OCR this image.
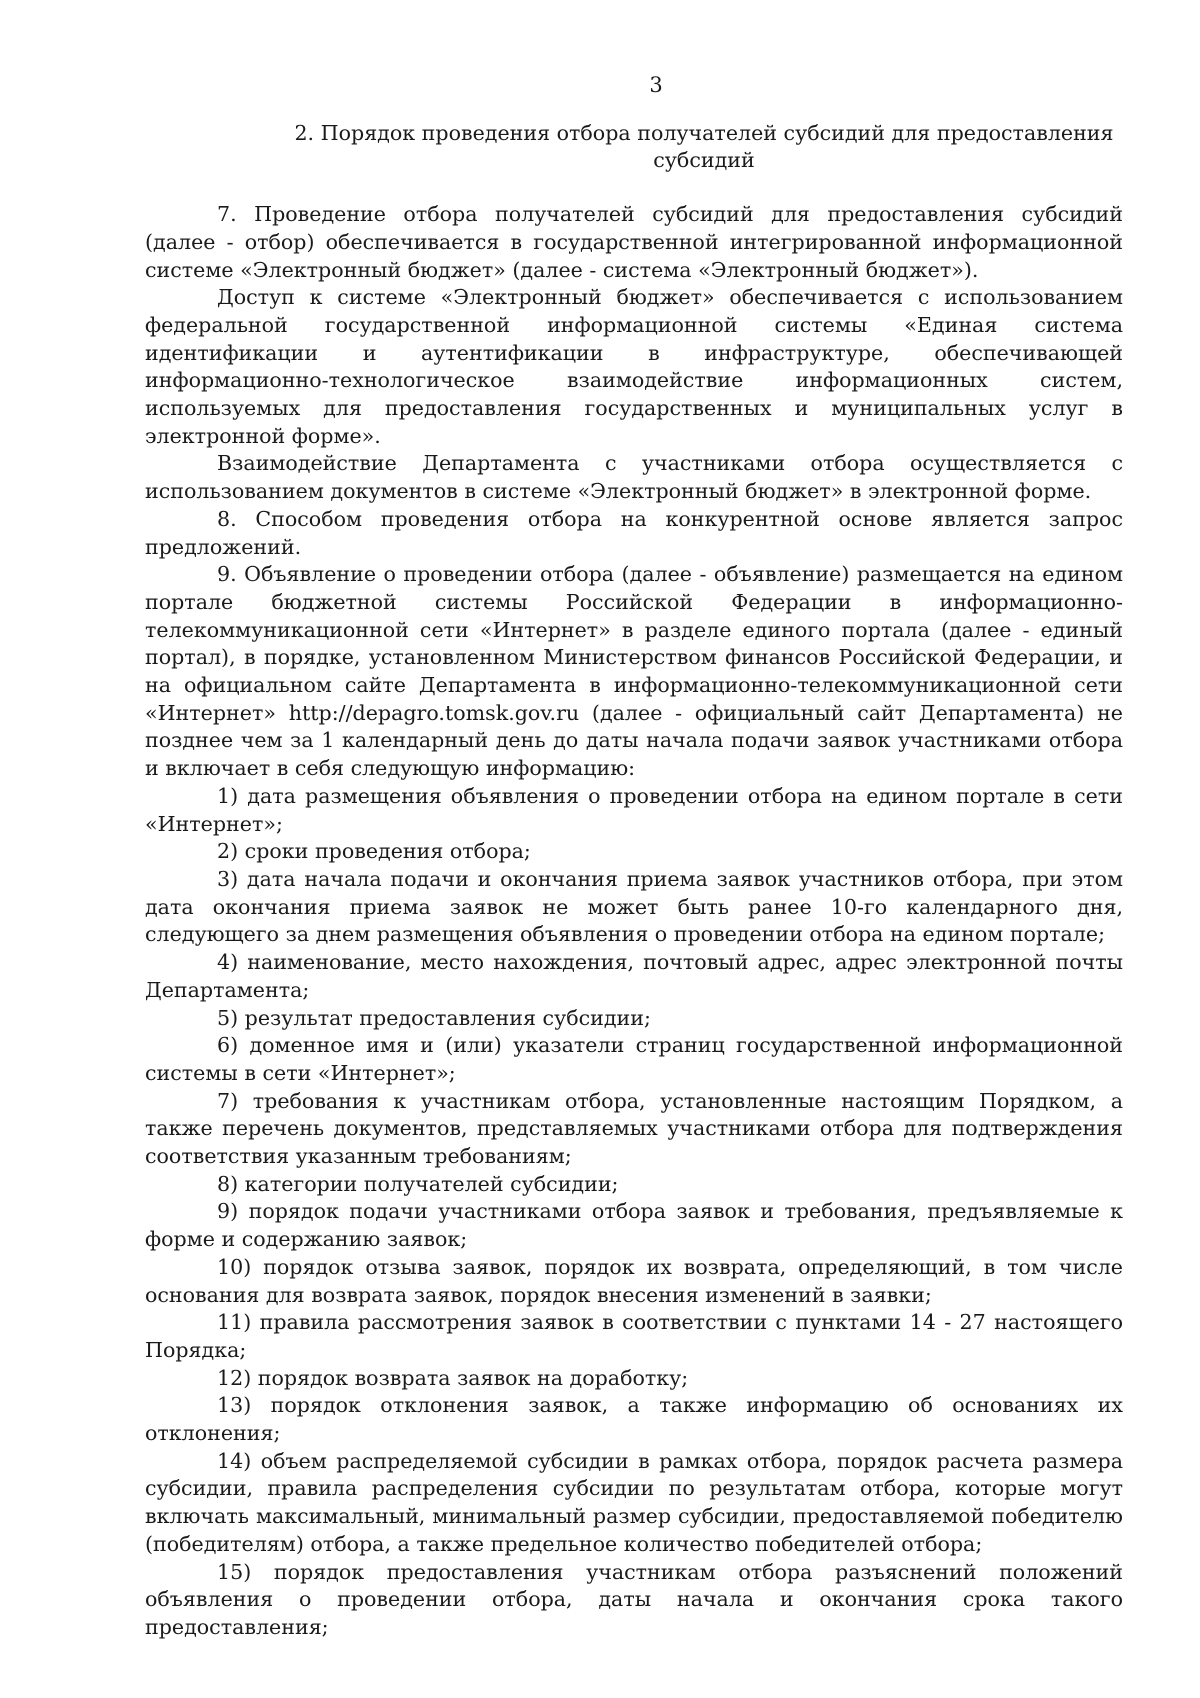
3
2. Порядок проведения отбора получателей субсидий для предоставления субсидий

7. Проведение отбора получателей субсидий для предоставления субсидий (далее - отбор) обеспечивается в государственной интегрированной информационной системе «Электронный бюджет» (далее - система «Электронный бюджет»).

Доступ к системе «Электронный бюджет» обеспечивается с использованием федеральной государственной информационной системы «Единая система идентификации и аутентификации в инфраструктуре, обеспечивающей информационно-технологическое взаимодействие информационных систем, используемых для предоставления государственных и муниципальных услуг в электронной форме».

Взаимодействие Департамента с участниками отбора осуществляется с использованием документов в системе «Электронный бюджет» в электронной форме.

8. Способом проведения отбора на конкурентной основе является запрос предложений.

9. Объявление о проведении отбора (далее - объявление) размещается на едином портале бюджетной системы Российской Федерации в информационно-телекоммуникационной сети «Интернет» в разделе единого портала (далее - единый портал), в порядке, установленном Министерством финансов Российской Федерации, и на официальном сайте Департамента в информационно-телекоммуникационной сети «Интернет» http://depagro.tomsk.gov.ru (далее - официальный сайт Департамента) не позднее чем за 1 календарный день до даты начала подачи заявок участниками отбора и включает в себя следующую информацию:

1) дата размещения объявления о проведении отбора на едином портале в сети «Интернет»;

2) сроки проведения отбора;

3) дата начала подачи и окончания приема заявок участников отбора, при этом дата окончания приема заявок не может быть ранее 10-го календарного дня, следующего за днем размещения объявления о проведении отбора на едином портале;

4) наименование, место нахождения, почтовый адрес, адрес электронной почты Департамента;

5) результат предоставления субсидии;

6) доменное имя и (или) указатели страниц государственной информационной системы в сети «Интернет»;

7) требования к участникам отбора, установленные настоящим Порядком, а также перечень документов, представляемых участниками отбора для подтверждения соответствия указанным требованиям;

8) категории получателей субсидии;

9) порядок подачи участниками отбора заявок и требования, предъявляемые к форме и содержанию заявок;

10) порядок отзыва заявок, порядок их возврата, определяющий, в том числе основания для возврата заявок, порядок внесения изменений в заявки;

11) правила рассмотрения заявок в соответствии с пунктами 14 - 27 настоящего Порядка;

12) порядок возврата заявок на доработку;

13) порядок отклонения заявок, а также информацию об основаниях их отклонения;

14) объем распределяемой субсидии в рамках отбора, порядок расчета размера субсидии, правила распределения субсидии по результатам отбора, которые могут включать максимальный, минимальный размер субсидии, предоставляемой победителю (победителям) отбора, а также предельное количество победителей отбора;

15) порядок предоставления участникам отбора разъяснений положений объявления о проведении отбора, даты начала и окончания срока такого предоставления;
